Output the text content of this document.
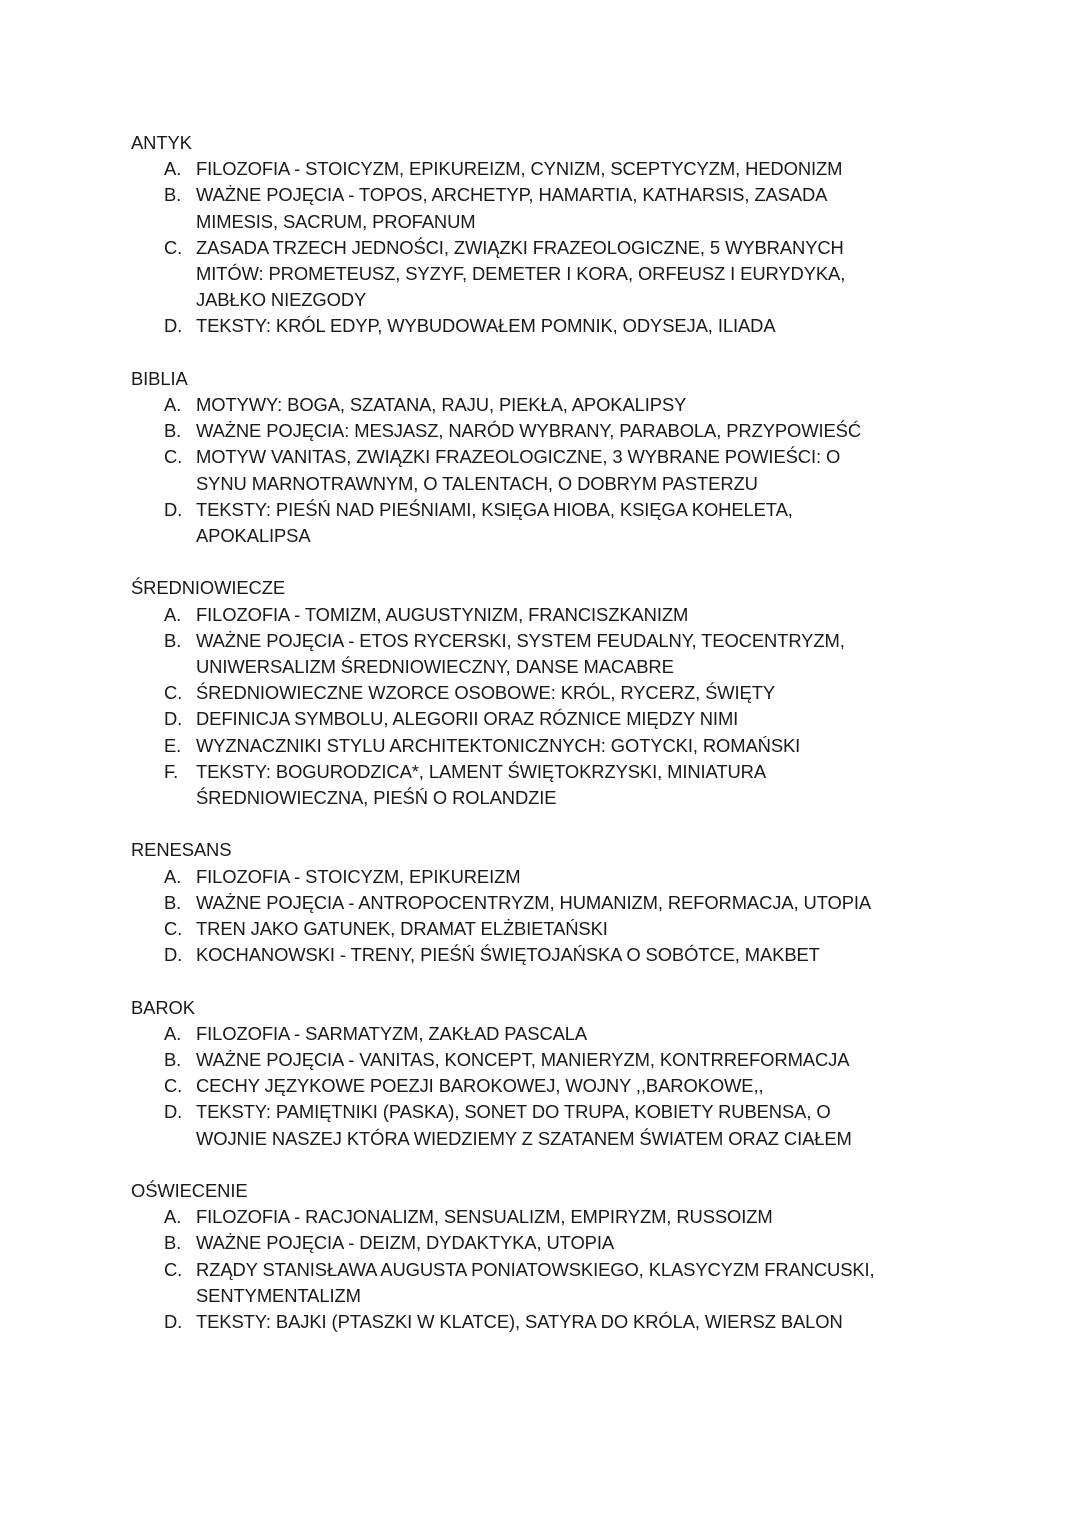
ANTYK
A. FILOZOFIA - STOICYZM, EPIKUREIZM, CYNIZM, SCEPTYCYZM, HEDONIZM
B. WAŻNE POJĘCIA - TOPOS, ARCHETYP, HAMARTIA, KATHARSIS, ZASADA
MIMESIS, SACRUM, PROFANUM
C. ZASADA TRZECH JEDNOŚCI, ZWIĄZKI FRAZEOLOGICZNE, 5 WYBRANYCH
MITÓW: PROMETEUSZ, SYZYF, DEMETER I KORA, ORFEUSZ I EURYDYKA,
JABŁKO NIEZGODY
D. TEKSTY: KRÓL EDYP, WYBUDOWAŁEM POMNIK, ODYSEJA, ILIADA
BIBLIA
A. MOTYWY: BOGA, SZATANA, RAJU, PIEKŁA, APOKALIPSY
B. WAŻNE POJĘCIA: MESJASZ, NARÓD WYBRANY, PARABOLA, PRZYPOWIEŚĆ
C. MOTYW VANITAS, ZWIĄZKI FRAZEOLOGICZNE, 3 WYBRANE POWIEŚCI: O
SYNU MARNOTRAWNYM, O TALENTACH, O DOBRYM PASTERZU
D. TEKSTY: PIEŚŃ NAD PIEŚNIAMI, KSIĘGA HIOBA, KSIĘGA KOHELETA,
APOKALIPSA
ŚREDNIOWIECZE
A. FILOZOFIA - TOMIZM, AUGUSTYNIZM, FRANCISZKANIZM
B. WAŻNE POJĘCIA - ETOS RYCERSKI, SYSTEM FEUDALNY, TEOCENTRYZM,
UNIWERSALIZM ŚREDNIOWIECZNY, DANSE MACABRE
C. ŚREDNIOWIECZNE WZORCE OSOBOWE: KRÓL, RYCERZ, ŚWIĘTY
D. DEFINICJA SYMBOLU, ALEGORII ORAZ RÓZNICE MIĘDZY NIMI
E. WYZNACZNIKI STYLU ARCHITEKTONICZNYCH: GOTYCKI, ROMAŃSKI
F. TEKSTY: BOGURODZICA*, LAMENT ŚWIĘTOKRZYSKI, MINIATURA
ŚREDNIOWIECZNA, PIEŚŃ O ROLANDZIE
RENESANS
A. FILOZOFIA - STOICYZM, EPIKUREIZM
B. WAŻNE POJĘCIA - ANTROPOCENTRYZM, HUMANIZM, REFORMACJA, UTOPIA
C. TREN JAKO GATUNEK, DRAMAT ELŻBIETAŃSKI
D. KOCHANOWSKI - TRENY, PIEŚŃ ŚWIĘTOJAŃSKA O SOBÓTCE, MAKBET
BAROK
A. FILOZOFIA - SARMATYZM, ZAKŁAD PASCALA
B. WAŻNE POJĘCIA - VANITAS, KONCEPT, MANIERYZM, KONTRREFORMACJA
C. CECHY JĘZYKOWE POEZJI BAROKOWEJ, WOJNY ,,BAROKOWE,,
D. TEKSTY: PAMIĘTNIKI (PASKA), SONET DO TRUPA, KOBIETY RUBENSA, O
WOJNIE NASZEJ KTÓRA WIEDZIEMY Z SZATANEM ŚWIATEM ORAZ CIAŁEM
OŚWIECENIE
A. FILOZOFIA - RACJONALIZM, SENSUALIZM, EMPIRYZM, RUSSOIZM
B. WAŻNE POJĘCIA - DEIZM, DYDAKTYKA, UTOPIA
C. RZĄDY STANISŁAWA AUGUSTA PONIATOWSKIEGO, KLASYCYZM FRANCUSKI,
SENTYMENTALIZM
D. TEKSTY: BAJKI (PTASZKI W KLATCE), SATYRA DO KRÓLA, WIERSZ BALON
